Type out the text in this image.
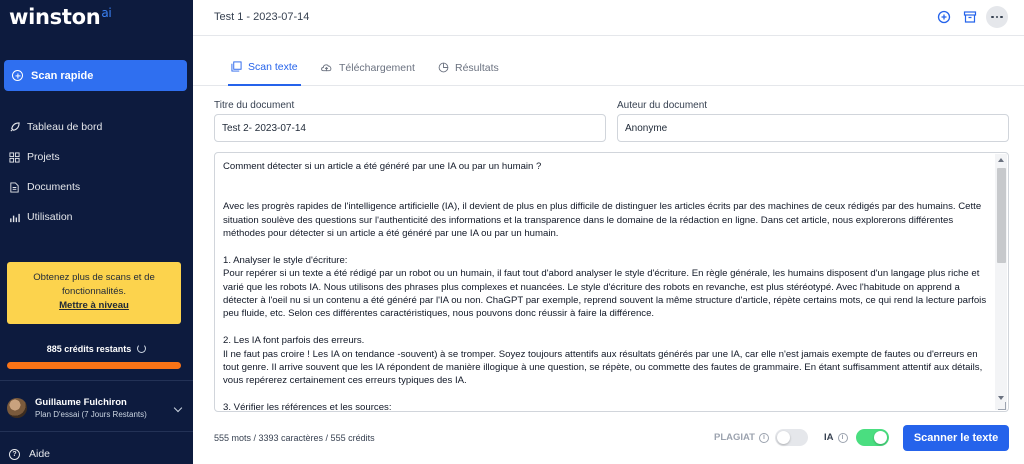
winston$^{ai}$
Scan rapide
Tableau de bord
Projets
Documents
Utilisation
Obtenez plus de scans et de fonctionnalités.
Mettre à niveau
885 crédits restants
Guillaume Fulchiron
Plan D'essai (7 Jours Restants)
?	Aide
Test 1 - 2023-07-14
Scan texte	Téléchargement	Résultats
Titre du document
Test 2- 2023-07-14
Auteur du document
Anonyme

Comment détecter si un article a été généré par une IA ou par un humain ?

Avec les progrès rapides de l'intelligence artificielle (IA), il devient de plus en plus difficile de distinguer les articles écrits par des machines de ceux rédigés par des humains. Cette situation soulève des questions sur l'authenticité des informations et la transparence dans le domaine de la rédaction en ligne. Dans cet article, nous explorerons différentes méthodes pour détecter si un article a été généré par une IA ou par un humain.

1. Analyser le style d'écriture:

Pour repérer si un texte a été rédigé par un robot ou un humain, il faut tout d'abord analyser le style d'écriture. En règle générale, les humains disposent d'un langage plus riche et varié que les robots IA. Nous utilisons des phrases plus complexes et nuancées. Le style d'écriture des robots en revanche, est plus stéréotypé. Avec l'habitude on apprend a détecter à l'oeil nu si un contenu a été généré par l'IA ou non. ChaGPT par exemple, reprend souvent la même structure d'article, répète certains mots, ce qui rend la lecture parfois peu fluide, etc. Selon ces différentes caractéristiques, nous pouvons donc réussir à faire la différence.

2. Les IA font parfois des erreurs.

Il ne faut pas croire ! Les IA on tendance -souvent) à se tromper. Soyez toujours attentifs aux résultats générés par une IA, car elle n'est jamais exempte de fautes ou d'erreurs en tout genre. Il arrive souvent que les IA répondent de manière illogique à une question, se répète, ou commette des fautes de grammaire. En étant suffisamment attentif aux détails, vous repérerez certainement ces erreurs typiques des IA.

3. Vérifier les références et les sources:

555 mots / 3393 caractères / 555 crédits	PLAGIAT	i	IA	i	Scanner le texte
